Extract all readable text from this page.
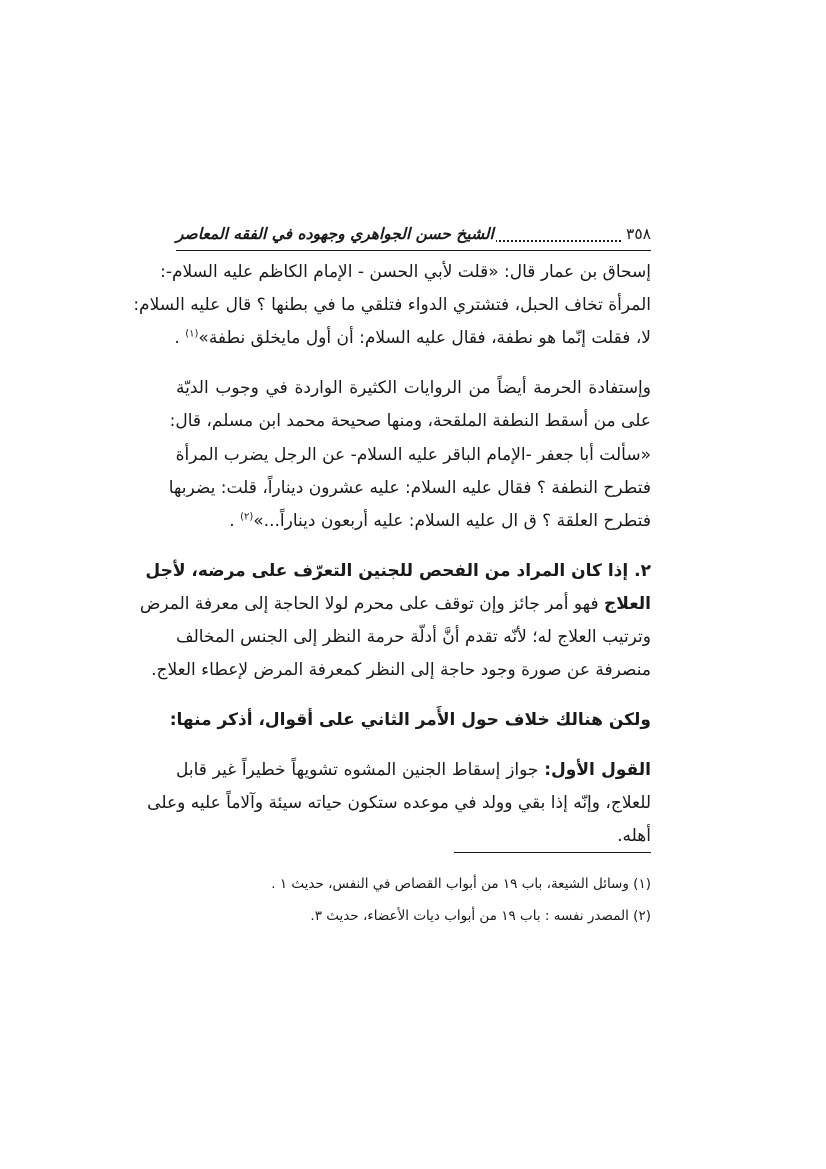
٣٥٨
الشيخ حسن الجواهري وجهوده في الفقه المعاصر
إسحاق بن عمار قال: «قلت لأبي الحسن - الإمام الكاظم عليه السلام-:
المرأة تخاف الحبل، فتشتري الدواء فتلقي ما في بطنها ؟ قال عليه السلام:
لا، فقلت إنّما هو نطفة، فقال عليه السلام: أن أول مايخلق نطفة»$^{(١)}$ .
وإستفادة الحرمة أيضاً من الروايات الكثيرة الواردة في وجوب الديّة
على من أسقط النطفة الملقحة، ومنها صحيحة محمد ابن مسلم، قال:
«سألت أبا جعفر -الإمام الباقر عليه السلام- عن الرجل يضرب المرأة
فتطرح النطفة ؟ فقال عليه السلام: عليه عشرون ديناراً، قلت: يضربها
فتطرح العلقة ؟ ق ال عليه السلام: عليه أربعون ديناراً...»$^{(٢)}$ .
٢. إذا كان المراد من الفحص للجنين التعرّف على مرضه، لأجل
العلاج فهو أمر جائز وإن توقف على محرم لولا الحاجة إلى معرفة المرض
وترتيب العلاج له؛ لأنّه تقدم أنَّ أدلّة حرمة النظر إلى الجنس المخالف
منصرفة عن صورة وجود حاجة إلى النظر كمعرفة المرض لإعطاء العلاج.
ولكن هنالك خلاف حول الأَمر الثاني على أقوال، أذكر منها:
القول الأول: جواز إسقاط الجنين المشوه تشويهاً خطيراً غير قابل
للعلاج، وإنّه إذا بقي وولد في موعده ستكون حياته سيئة وآلاماً عليه وعلى
أهله.
(١) وسائل الشيعة، باب ١٩ من أبواب القصاص في النفس، حديث ١ .
(٢) المصدر نفسه : باب ١٩ من أبواب ديات الأعضاء، حديث ٣.
